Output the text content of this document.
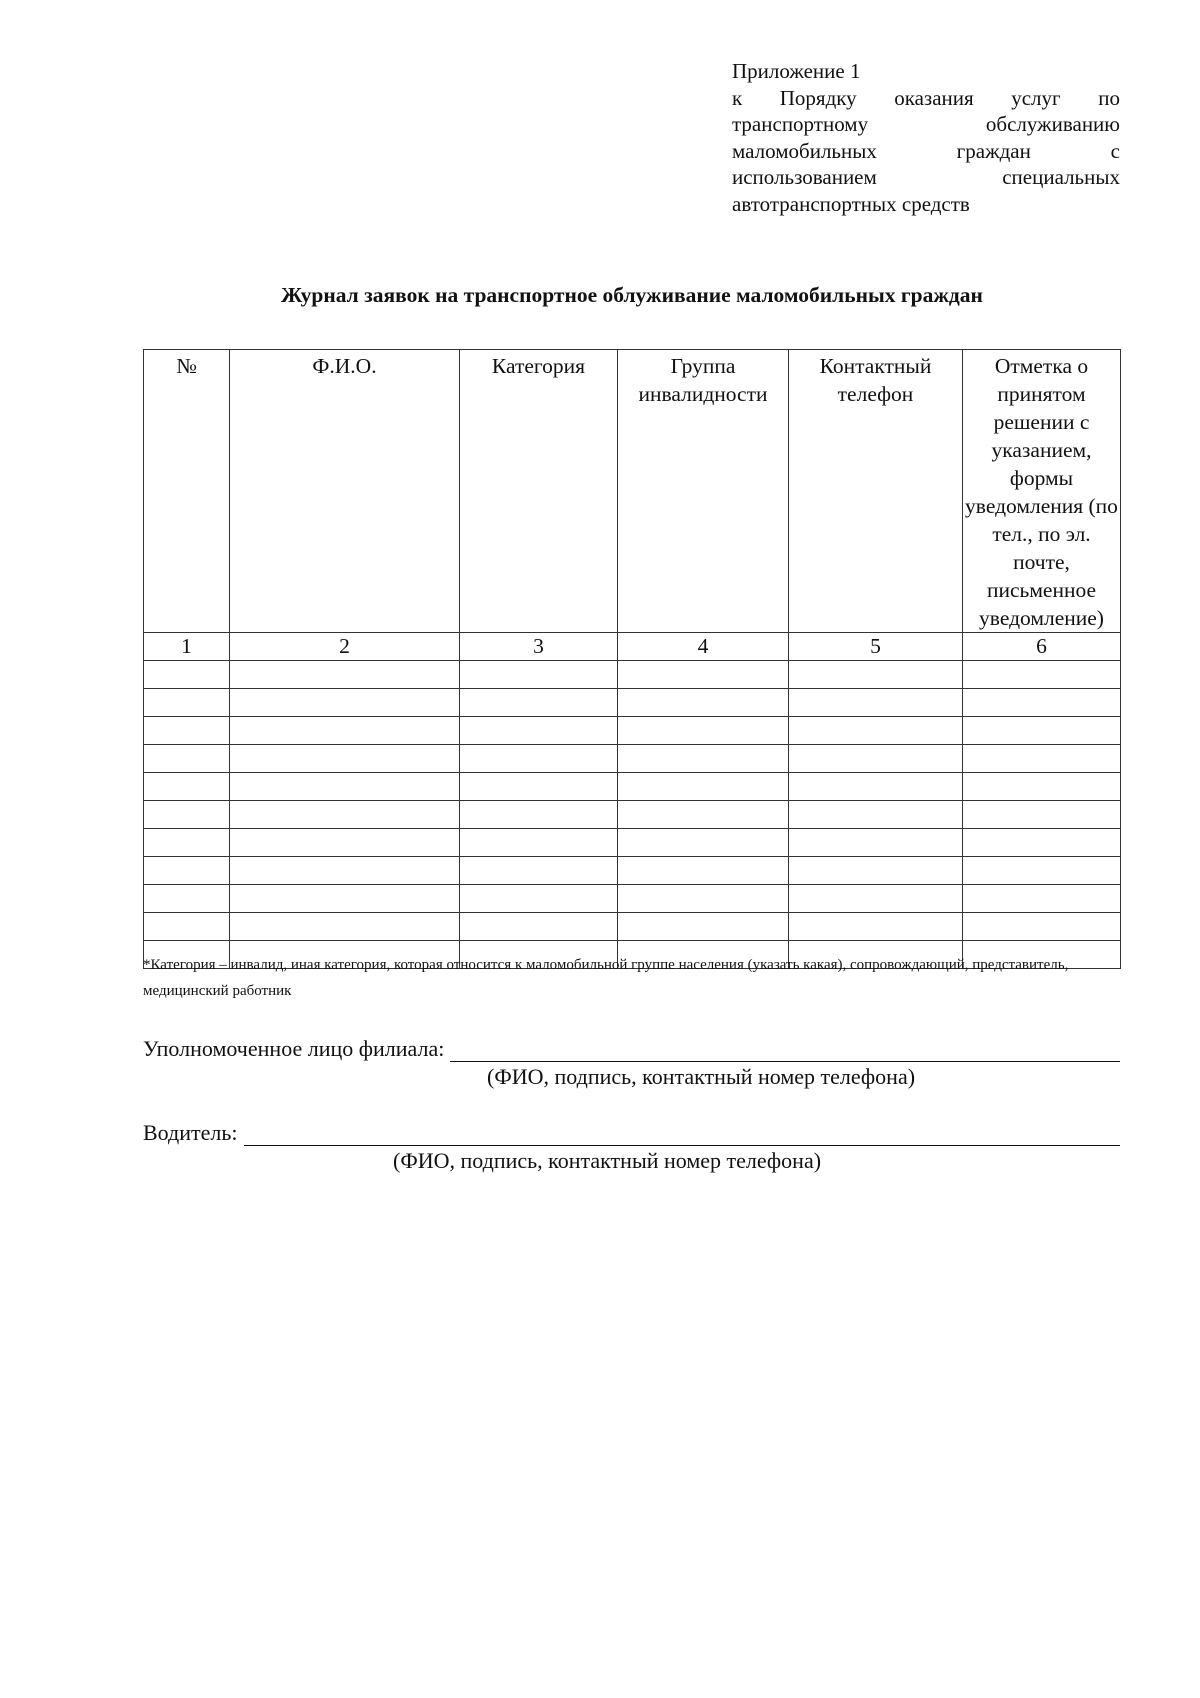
Приложение 1
к Порядку оказания услуг по
транспортному	обслуживанию
маломобильных	граждан	с
использованием	специальных
автотранспортных средств
Журнал заявок на транспортное облуживание маломобильных граждан
№	Ф.И.О.	Категория	Группа инвалидности	Контактный телефон	Отметка о принятом решении с указанием, формы уведомления (по тел., по эл. почте, письменное уведомление)
1	2	3	4	5	6

*Категория – инвалид, иная категория, которая относится к маломобильной группе населения (указать какая), сопровождающий, представитель, медицинский работник
Уполномоченное лицо филиала:
(ФИО, подпись, контактный номер телефона)
Водитель:
(ФИО, подпись, контактный номер телефона)
